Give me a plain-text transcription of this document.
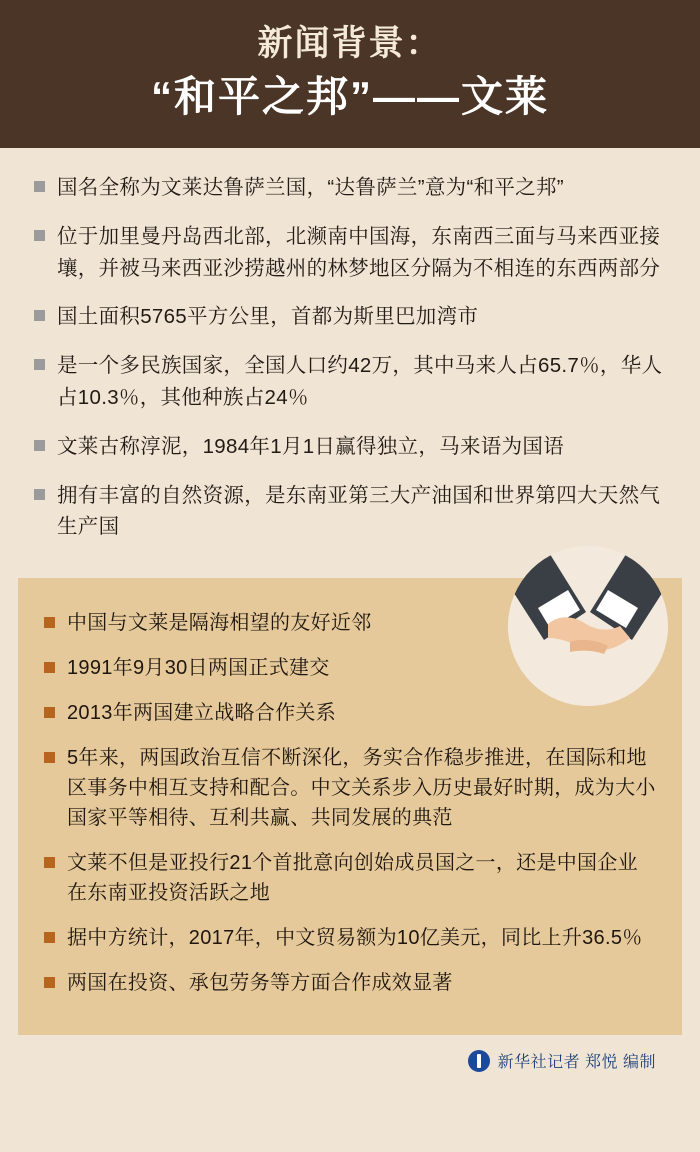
新闻背景：
“和平之邦”——文莱
国名全称为文莱达鲁萨兰国，“达鲁萨兰”意为“和平之邦”
位于加里曼丹岛西北部，北濒南中国海，东南西三面与马来西亚接壤，并被马来西亚沙捞越州的林梦地区分隔为不相连的东西两部分
国土面积5765平方公里，首都为斯里巴加湾市
是一个多民族国家，全国人口约42万，其中马来人占65.7％，华人占10.3％，其他种族占24％
文莱古称淳泥，1984年1月1日赢得独立，马来语为国语
拥有丰富的自然资源，是东南亚第三大产油国和世界第四大天然气生产国
中国与文莱是隔海相望的友好近邻
1991年9月30日两国正式建交
2013年两国建立战略合作关系
5年来，两国政治互信不断深化，务实合作稳步推进，在国际和地区事务中相互支持和配合。中文关系步入历史最好时期，成为大小国家平等相待、互利共赢、共同发展的典范
文莱不但是亚投行21个首批意向创始成员国之一，还是中国企业在东南亚投资活跃之地
据中方统计，2017年，中文贸易额为10亿美元，同比上升36.5％
两国在投资、承包劳务等方面合作成效显著
新华社记者 郑悦 编制
